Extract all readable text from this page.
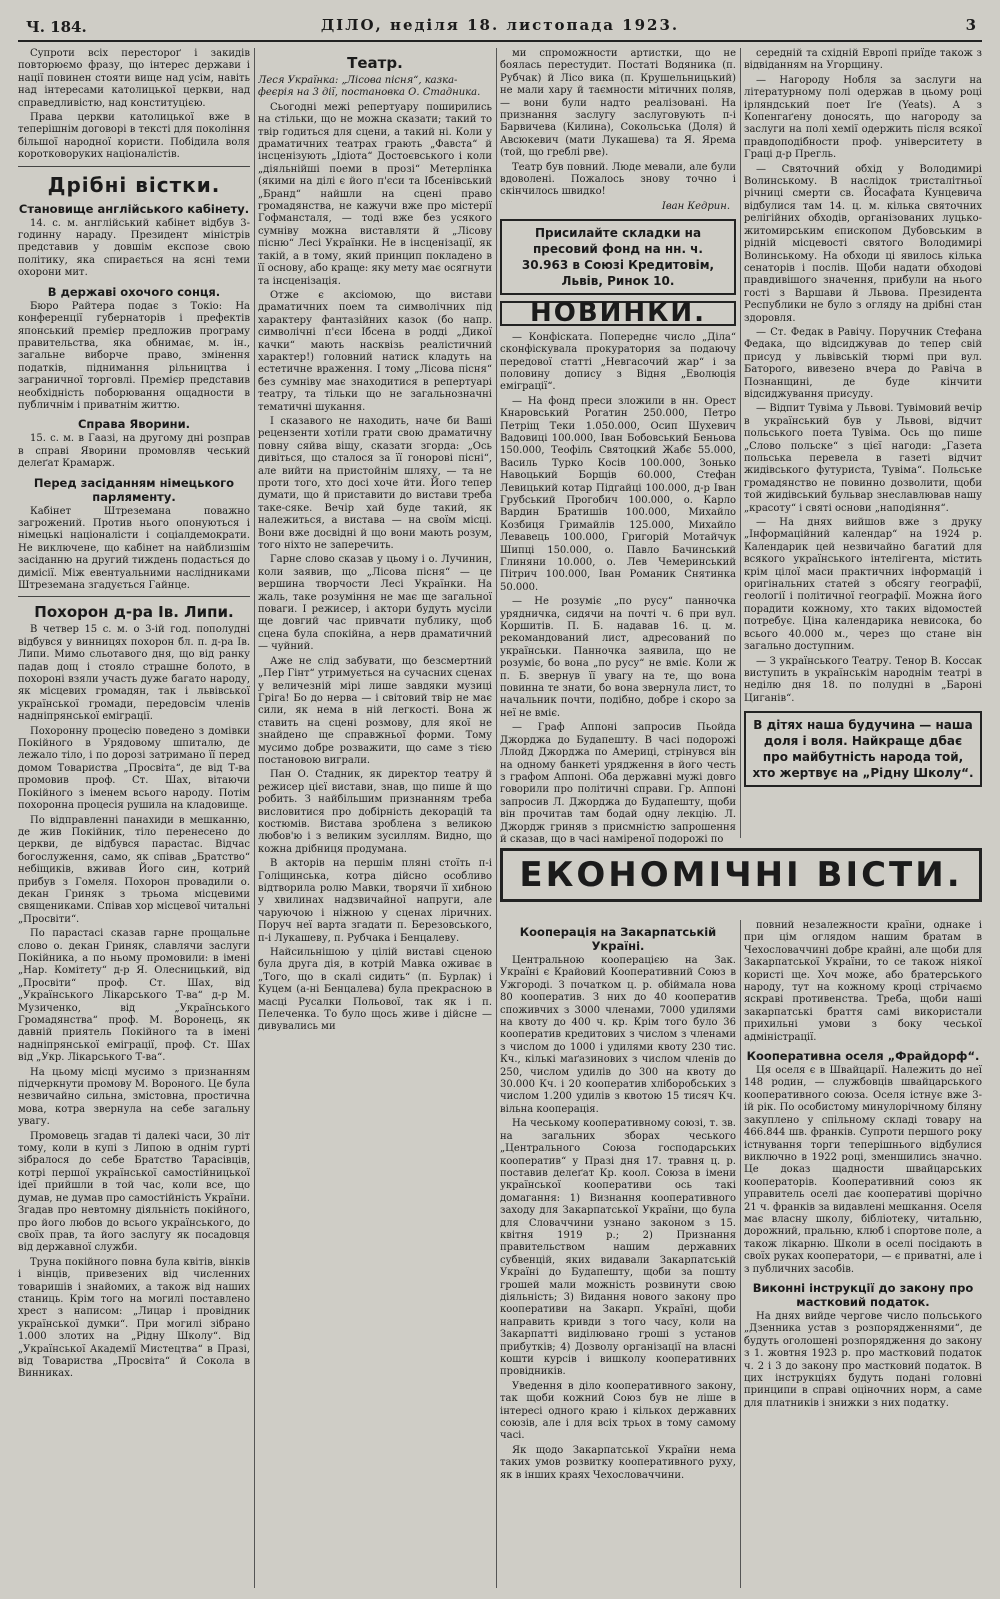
Ч. 184.	ДІЛО, неділя 18. листопада 1923.	3

Супроти всіх перестороґ і закидів повторюємо фразу, що інтерес держави і нації повинен стояти вище над усім, навіть над інтересами католицької церкви, над справедливістю, над конституцією.

Права церкви католицької вже в теперішнім договорі в тексті для покоління більшої народної користи. Побідила воля коротковоруких націоналістів.

Дрібні вістки.
Становище англійського кабінету.

14. с. м. англійський кабінет відбув 3-годинну нараду. Президент міністрів представив у довшім експозе свою політику, яка спирається на ясні теми охорони мит.

В державі охочого сонця.

Бюро Райтера подає з Токіо: На конференції губернаторів і префектів японський премієр предложив програму правительства, яка обнимає, м. ін., загальне виборче право, змінення податків, піднимання рільництва і заграничної торговлі. Премієр представив необхідність поборювання ощадности в публичнім і приватнім життю.

Справа Яворини.

15. с. м. в Гаазі, на другому дні розправ в справі Яворини промовляв чеський делеґат Крамарж.

Перед засіданням німецького парляменту.

Кабінет Штреземана поважно загрожений. Против нього опонуються і німецькі націоналісти і соціалдемократи. Не виключене, що кабінет на найблизшім засіданню на другий тиждень подасться до димісії. Між евентуальними наслідниками Штреземана згадується Гайнце.

Похорон д-ра Ів. Липи.

В четвер 15 с. м. о 3-ій год. пополудні відбувся у винницях похорон бл. п. д-ра Ів. Липи. Мимо сльотавого дня, що від ранку падав дощ і стояло страшне болото, в похороні взяли участь дуже багато народу, як місцевих громадян, так і львівської української громади, передовсім членів надніпрянської еміграції.

Похоронну процесію поведено з домівки Покійного в Урядовому шпиталю, де лежало тіло, і по дорозі затримано її перед домом Товариства „Просвіта“, де від Т-ва промовив проф. Ст. Шах, вітаючи Покійного з іменем всього народу. Потім похоронна процесія рушила на кладовище.

По відправленні панахиди в мешканню, де жив Покійник, тіло перенесено до церкви, де відбувся парастас. Відчас богослуження, самo, як співав „Братство“ небіщиків, вживав Його син, котрий прибув з Гомеля. Похорон провадили о. декан Гриняк з трьома місцевими священиками. Співав хор місцевої читальні „Просвіти“.

По парастасі сказав гарне прощальне слово о. декан Гриняк, славлячи заслуги Покійника, а по ньому промовили: в імені „Нар. Комітету“ д-р Я. Олесницький, від „Просвіти“ проф. Ст. Шах, від „Українського Лікарського Т-ва“ д-р М. Музиченко, від „Українського Громадянства“ проф. М. Воронець, як давній приятель Покійного та в імені надніпрянської еміграції, проф. Ст. Шах від „Укр. Лікарського Т-ва“.

На цьому місці мусимо з признанням підчеркнути промову М. Вороного. Це була незвичайно сильна, змістовна, простична мова, котра звернула на себе загальну увагу.

Промовець згадав ті далекі часи, 30 літ тому, коли в купі з Липою в однім гурті зібралося до себе Братство Тарасівців, котрі першої української самостійницької ідеї прийшли в той час, коли все, що думав, не думав про самостійність України. Згадав про невтомну діяльність покійного, про його любов до всього українського, до своїх прав, та його заслугу як посадовця від державної служби.

Труна покійного повна була квітів, вінків і вінців, привезених від численних товаришів і знайомих, а також від наших станиць. Крім того на могилі поставлено хрест з написом: „Лицар і провідник української думки“. При могилі зібрано 1.000 злотих на „Рідну Школу“. Від „Української Академії Мистецтва“ в Празі, від Товариства „Просвіта“ й Сокола в Винниках.

Театр.

Леся Українка: „Лісова пісня“, казка-феєрія на 3 дії, постановка О. Стадника.

Сьогодні межі репертуару поширились на стільки, що не можна сказати; такий то твір годиться для сцени, а такий ні. Коли у драматичних театрах грають „Фавста“ й інсценізують „Ідіота“ Достоєвського і коли „діяльнійші поеми в прозі“ Метерлінка (якими на ділі є його п'єси та Ібсенівський „Бранд“ найшли на сцені право громадянства, не кажучи вже про містерії Гофмансталя, — тоді вже без усякого сумніву можна виставляти й „Лісову пісню“ Лесі Українки. Не в інсценізації, як такій, а в тому, який принцип покладено в її основу, або краще: яку мету має осягнути та інсценізація.

Отже є аксіомою, що вистави драматичних поем та символічних під характеру фантазійних казок (бо напр. символічні п'єси Ібсена в родді „Дикої качки“ мають насквізь реалістичний характер!) головний натиск кладуть на естетичне враження. І тому „Лісова пісня“ без сумніву має знаходитися в репертуарі театру, та тільки що не загальнозначні тематичні шукання.

І сказавого не находить, наче би Ваші рецензенти хотіли грати свою драматичну повну сяйва віщу, сказати згорда: „Ось дивіться, що сталося за її гонорові пісні“, але вийти на пристойнім шляху, — та не проти того, хто досі хоче йти. Його тепер думати, що й приставити до вистави треба таке-сяке. Вечір хай буде такий, як належиться, а вистава — на своїм місці. Вони вже досвідні й що вони мають розум, того ніхто не заперечить.

Гарне слово сказав у цьому і о. Лучинин, коли заявив, що „Лісова пісня“ — це вершина творчости Лесі Українки. На жаль, таке розуміння не має ще загальної поваги. І режисер, і актори будуть мусіли ще довгий час привчати публику, щоб сцена була спокійна, а нерв драматичний — чуйний.

Аже не слід забувати, що безсмертний „Пер Гінт“ утримується на сучасних сценах у величезній мірі лише завдяки музиці Гріга! Бо до нерва — і світовий твір не має сили, як нема в ній легкості. Вона ж ставить на сцені розмову, для якої не знайдено ще справжньої форми. Тому мусимо добре розважити, що саме з тією постановою виграли.

Пан О. Стадник, як директор театру й режисер цієї вистави, знав, що пише й що робить. З найбільшим признанням треба висловитися про добірність декорацій та костюмів. Вистава зроблена з великою любов'ю і з великим зусиллям. Видно, що кожна дрібниця продумана.

В акторів на першім пляні стоїть п-і Голіщинська, котра дійсно особливо відтворила ролю Мавки, творячи її хибною у хвилинах надзвичайної напруги, але чаруючою і ніжною у сценах ліричних. Поруч неї варта згадати п. Березовського, п-і Лукашеву, п. Рубчака і Бенцалеву.

Найсильнішою у цілій виставі сценою була друга дія, в котрій Мавка оживає в „Того, що в скалі сидить“ (п. Бурлак) і Куцем (а-ні Бенцалева) була прекрасною в масці Русалки Польової, так як і п. Пелеченка. То було щось живе і дійсне — дивувались ми

ми спроможности артистки, що не боялась перестудит. Постаті Водяника (п. Рубчак) й Лісо вика (п. Крушельницький) не мали хару й таємности мітичних поляв, — вони були надто реалізовані. На признання заслугу заслуговують п-і Барвичева (Килина), Сокольська (Доля) й Авсюкевич (мати Лукашева) та Я. Ярема (той, що греблі рве).

Театр був повний. Люде мевали, але були вдоволені. Пожалось знову точно і скінчилось швидко!

Іван Кедрин.

Присилайте складки на пресовий фонд на нн. ч. 30.963 в Союзі Кредитовім, Львів, Ринок 10.
НОВИНКИ.

— Конфіската. Попереднє число „Діла“ сконфіскувала прокуратория за подаючу передової статті „Невгасочий жар“ і за половину допису з Відня „Еволюція еміграції“.

— На фонд преси зложили в нн. Орест Кнаровський Рогатин 250.000, Петро Петріщ Теки 1.050.000, Осип Шухевич Вадовиці 100.000, Іван Бобовський Беньова 150.000, Теофіль Святоцкий Жабє 55.000, Василь Турко Косів 100.000, Зонько Навоцький Борщів 60.000, Стефан Левицький котар Підгайці 100.000, д-р Іван Грубський Прогобич 100.000, о. Карло Вардин Братишів 100.000, Михайло Козбиця Гримайлів 125.000, Михайло Левавець 100.000, Григорій Мотайчук Шипці 150.000, о. Павло Бачинський Глиняни 10.000, о. Лев Чемеринський Пітрич 100.000, Іван Романик Снятинка 50.000.

— Не розуміє „по русу“ панночка урядничка, сидячи на почті ч. 6 при вул. Коршитів. П. Б. надавав 16. ц. м. рекомандований лист, адресований по українськи. Панночка заявила, що не розуміє, бо вона „по русу“ не вміє. Коли ж п. Б. звернув її увагу на те, що вона повинна те знати, бо вона звернула лист, то начальник почти, подібно, добре і скоро за неї не вміє.

— Граф Аппоні запросив Пьойда Джорджа до Будапешту. В часі подорожі Ллойд Джорджа по Америці, стрінувся він на одному банкеті урядження в його честь з графом Аппоні. Оба державні мужі довго говорили про політичні справи. Гр. Аппоні запросив Л. Джорджа до Будапешту, щоби він прочитав там бодай одну лекцію. Л. Джордж гриняв з присмністю запрошення й сказав, що в часі наміреної подорожі по

середній та східній Европі приїде також з відвіданням на Угорщину.

— Нагороду Нобля за заслуги на літературному полі одержав в цьому році ірляндський поет Іґе (Yeats). А з Копенгаґену доносять, що нагороду за заслуги на полі хемії одержить після всякої правдоподібности проф. університету в Граці д-р Прегль.

— Святочний обхід у Володимирі Волинському. В наслідок тристалітньої річниці смерти св. Йосафата Кунцевича відбулися там 14. ц. м. кілька святочних релігійних обходів, організованих луцько-житомирським єпископом Дубовським в рідній місцевості святого Володимирі Волинському. На обходи ці явилось кілька сенаторів і послів. Щоби надати обходові правдивішого значення, прибули на нього гості з Варшави й Львова. Президента Республики не було з огляду на дрібні стан здоровля.

— Ст. Федак в Равічу. Поручник Стефана Федака, що відсиджував до тепер свій присуд у львівській тюрмі при вул. Баторого, вивезено вчера до Равіча в Познанщині, де буде кінчити відсиджування присуду.

— Відпит Тувіма у Львові. Тувімовий вечір в український був у Львові, відчит польського поета Тувіма. Ось що пише „Слово польске“ з цієї нагоди: „Газета польська перевела в газеті відчит жидівського футуриста, Тувіма“. Польське громадянство не повинно дозволити, щоби той жидівський бульвар знеславлював нашу „красоту“ і святі основи „наподіяння“.

— На днях вийшов вже з друку „Інформаційний календар“ на 1924 р. Календарик цей незвичайно багатий для всякого українського інтелігента, містить крім цілої маси практичних інформацій і оригінальних статей з обсягу географії, геології і політичної географії. Можна його порадити кожному, хто таких відомостей потребує. Ціна календарика невисока, бо всього 40.000 м., через що стане він загально доступним.

— З українського Театру. Тенор В. Коссак виступить в українськім народнім театрі в неділю дня 18. по полудні в „Бароні Циганів“.

В дітях наша будучина — наша доля і воля. Найкраще дбає про майбутність народа той, хто жертвує на „Рідну Школу“.
ЕКОНОМІЧНІ ВІСТИ.
Кооперація на Закарпатській Україні.

Центральною кооперацією на Зак. Україні є Крайовий Кооперативний Союз в Ужгороді. З початком ц. р. обіймала нова 80 кооператив. З них до 40 кооператив споживчих з 3000 членами, 7000 удилями на квоту до 400 ч. кр. Крім того було 36 кооператив кредитових з числом з членами з числом до 1000 і удилями квоту 230 тис. Кч., кількі маґазинових з числом членів до 250, числом удилів до 300 на квоту до 30.000 Кч. і 20 кооператив хліборобських з числом 1.200 удилів з квотою 15 тисяч Кч. вільна кооперація.

На чеському кооперативному союзі, т. зв. на загальних зборах чеського „Центрального Союза господарських кооператив“ у Празі дня 17. травня ц. р. поставив делеґат Кр. коол. Союза в імени української кооперативи ось такі домагання: 1) Визнання кооперативного заходу для Закарпатської України, що була для Словаччини узнано законом з 15. квітня 1919 р.; 2) Признання правительством нашим державних субвенцій, яких видавали Закарпатській Україні до Будапешту, щоби за пошту грошей мали можність розвинути свою діяльність; 3) Видання нового закону про кооперативи на Закарп. Україні, щоби направить кривди з того часу, коли на Закарпатті виділювано гроші з установ прибутків; 4) Дозволу організації на власні кошти курсів і вишколу кооперативних провідників.

Уведення в діло кооперативного закону, так щоби кожний Союз був не ліше в інтересі одного краю і кількох державних союзів, але і для всіх трьох в тому самому часі.

Як щодо Закарпатської України нема таких умов розвитку кооперативного руху, як в інших краях Чехословаччини.

повний незалежности країни, однаке і при цім оглядом нашим братам в Чехословаччині добре крайні, але щоби для Закарпатської України, то се також ніякої користі ще. Хоч може, або братерського народу, тут на кожному кроці стрічаємо яскраві противенства. Треба, щоби наші закарпатські браття самі використали прихильні умови з боку чеської адміністрації.

Кооперативна оселя „Фрайдорф“.

Ця оселя є в Швайцарії. Належить до неї 148 родин, — службовців швайцарського кооперативного союза. Оселя істнує вже 3-ій рік. По особистому минулорічному біляну закуплено у спільному складі товару на 466.844 шв. франків. Супроти першого року істнування торги теперішнього відбулися виключно в 1922 році, зменшились значно. Це доказ щадности швайцарських кооператорів. Кооперативний союз як управитель оселі дає кооперативі щорічно 21 ч. франків за видавлені мешкання. Оселя має власну школу, бібліотеку, читальню, дорожний, пральню, клюб і спортове поле, а також лікарню. Школи в оселі посідають в своїх руках кооператори, — є приватні, але і з публичних засобів.

Виконні інструкції до закону про мастковий податок.

На днях вийде чергове число польського „Дзенника устав з розпорядженнями“, де будуть оголошені розпорядження до закону з 1. жовтня 1923 р. про мастковий податок ч. 2 і 3 до закону про мастковий податок. В цих інструкціях будуть подані головні принципи в справі оціночних норм, а саме для платників і знижки з них податку.
